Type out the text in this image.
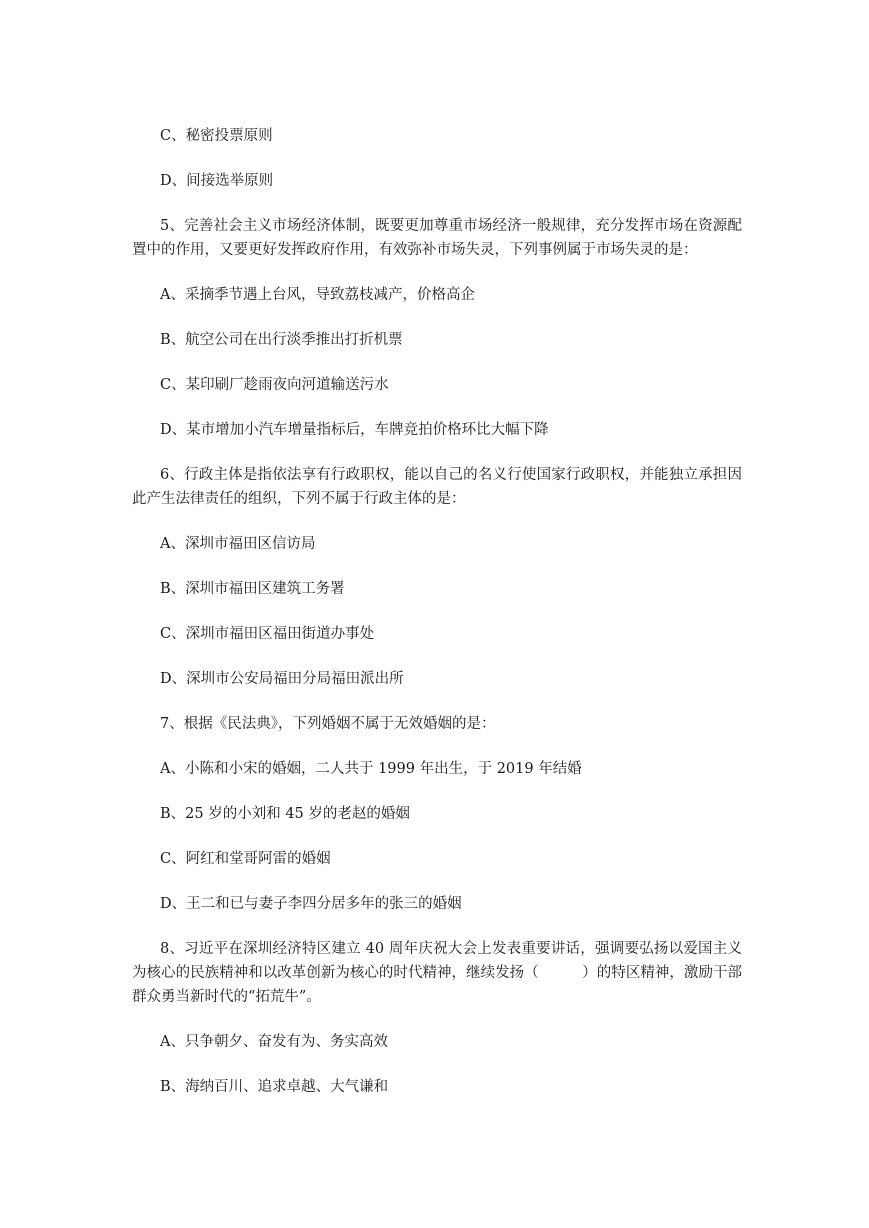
C、秘密投票原则

D、间接选举原则

5、完善社会主义市场经济体制，既要更加尊重市场经济一般规律，充分发挥市场在资源配置中的作用，又要更好发挥政府作用，有效弥补市场失灵，下列事例属于市场失灵的是：

A、采摘季节遇上台风，导致荔枝减产，价格高企

B、航空公司在出行淡季推出打折机票

C、某印刷厂趁雨夜向河道输送污水

D、某市增加小汽车增量指标后，车牌竞拍价格环比大幅下降

6、行政主体是指依法享有行政职权，能以自己的名义行使国家行政职权，并能独立承担因此产生法律责任的组织，下列不属于行政主体的是：

A、深圳市福田区信访局

B、深圳市福田区建筑工务署

C、深圳市福田区福田街道办事处

D、深圳市公安局福田分局福田派出所

7、根据《民法典》，下列婚姻不属于无效婚姻的是：

A、小陈和小宋的婚姻，二人共于 1999 年出生，于 2019 年结婚

B、25 岁的小刘和 45 岁的老赵的婚姻

C、阿红和堂哥阿雷的婚姻

D、王二和已与妻子李四分居多年的张三的婚姻

8、习近平在深圳经济特区建立 40 周年庆祝大会上发表重要讲话，强调要弘扬以爱国主义为核心的民族精神和以改革创新为核心的时代精神，继续发扬（　　　）的特区精神，激励干部群众勇当新时代的“拓荒牛”。

A、只争朝夕、奋发有为、务实高效

B、海纳百川、追求卓越、大气谦和
